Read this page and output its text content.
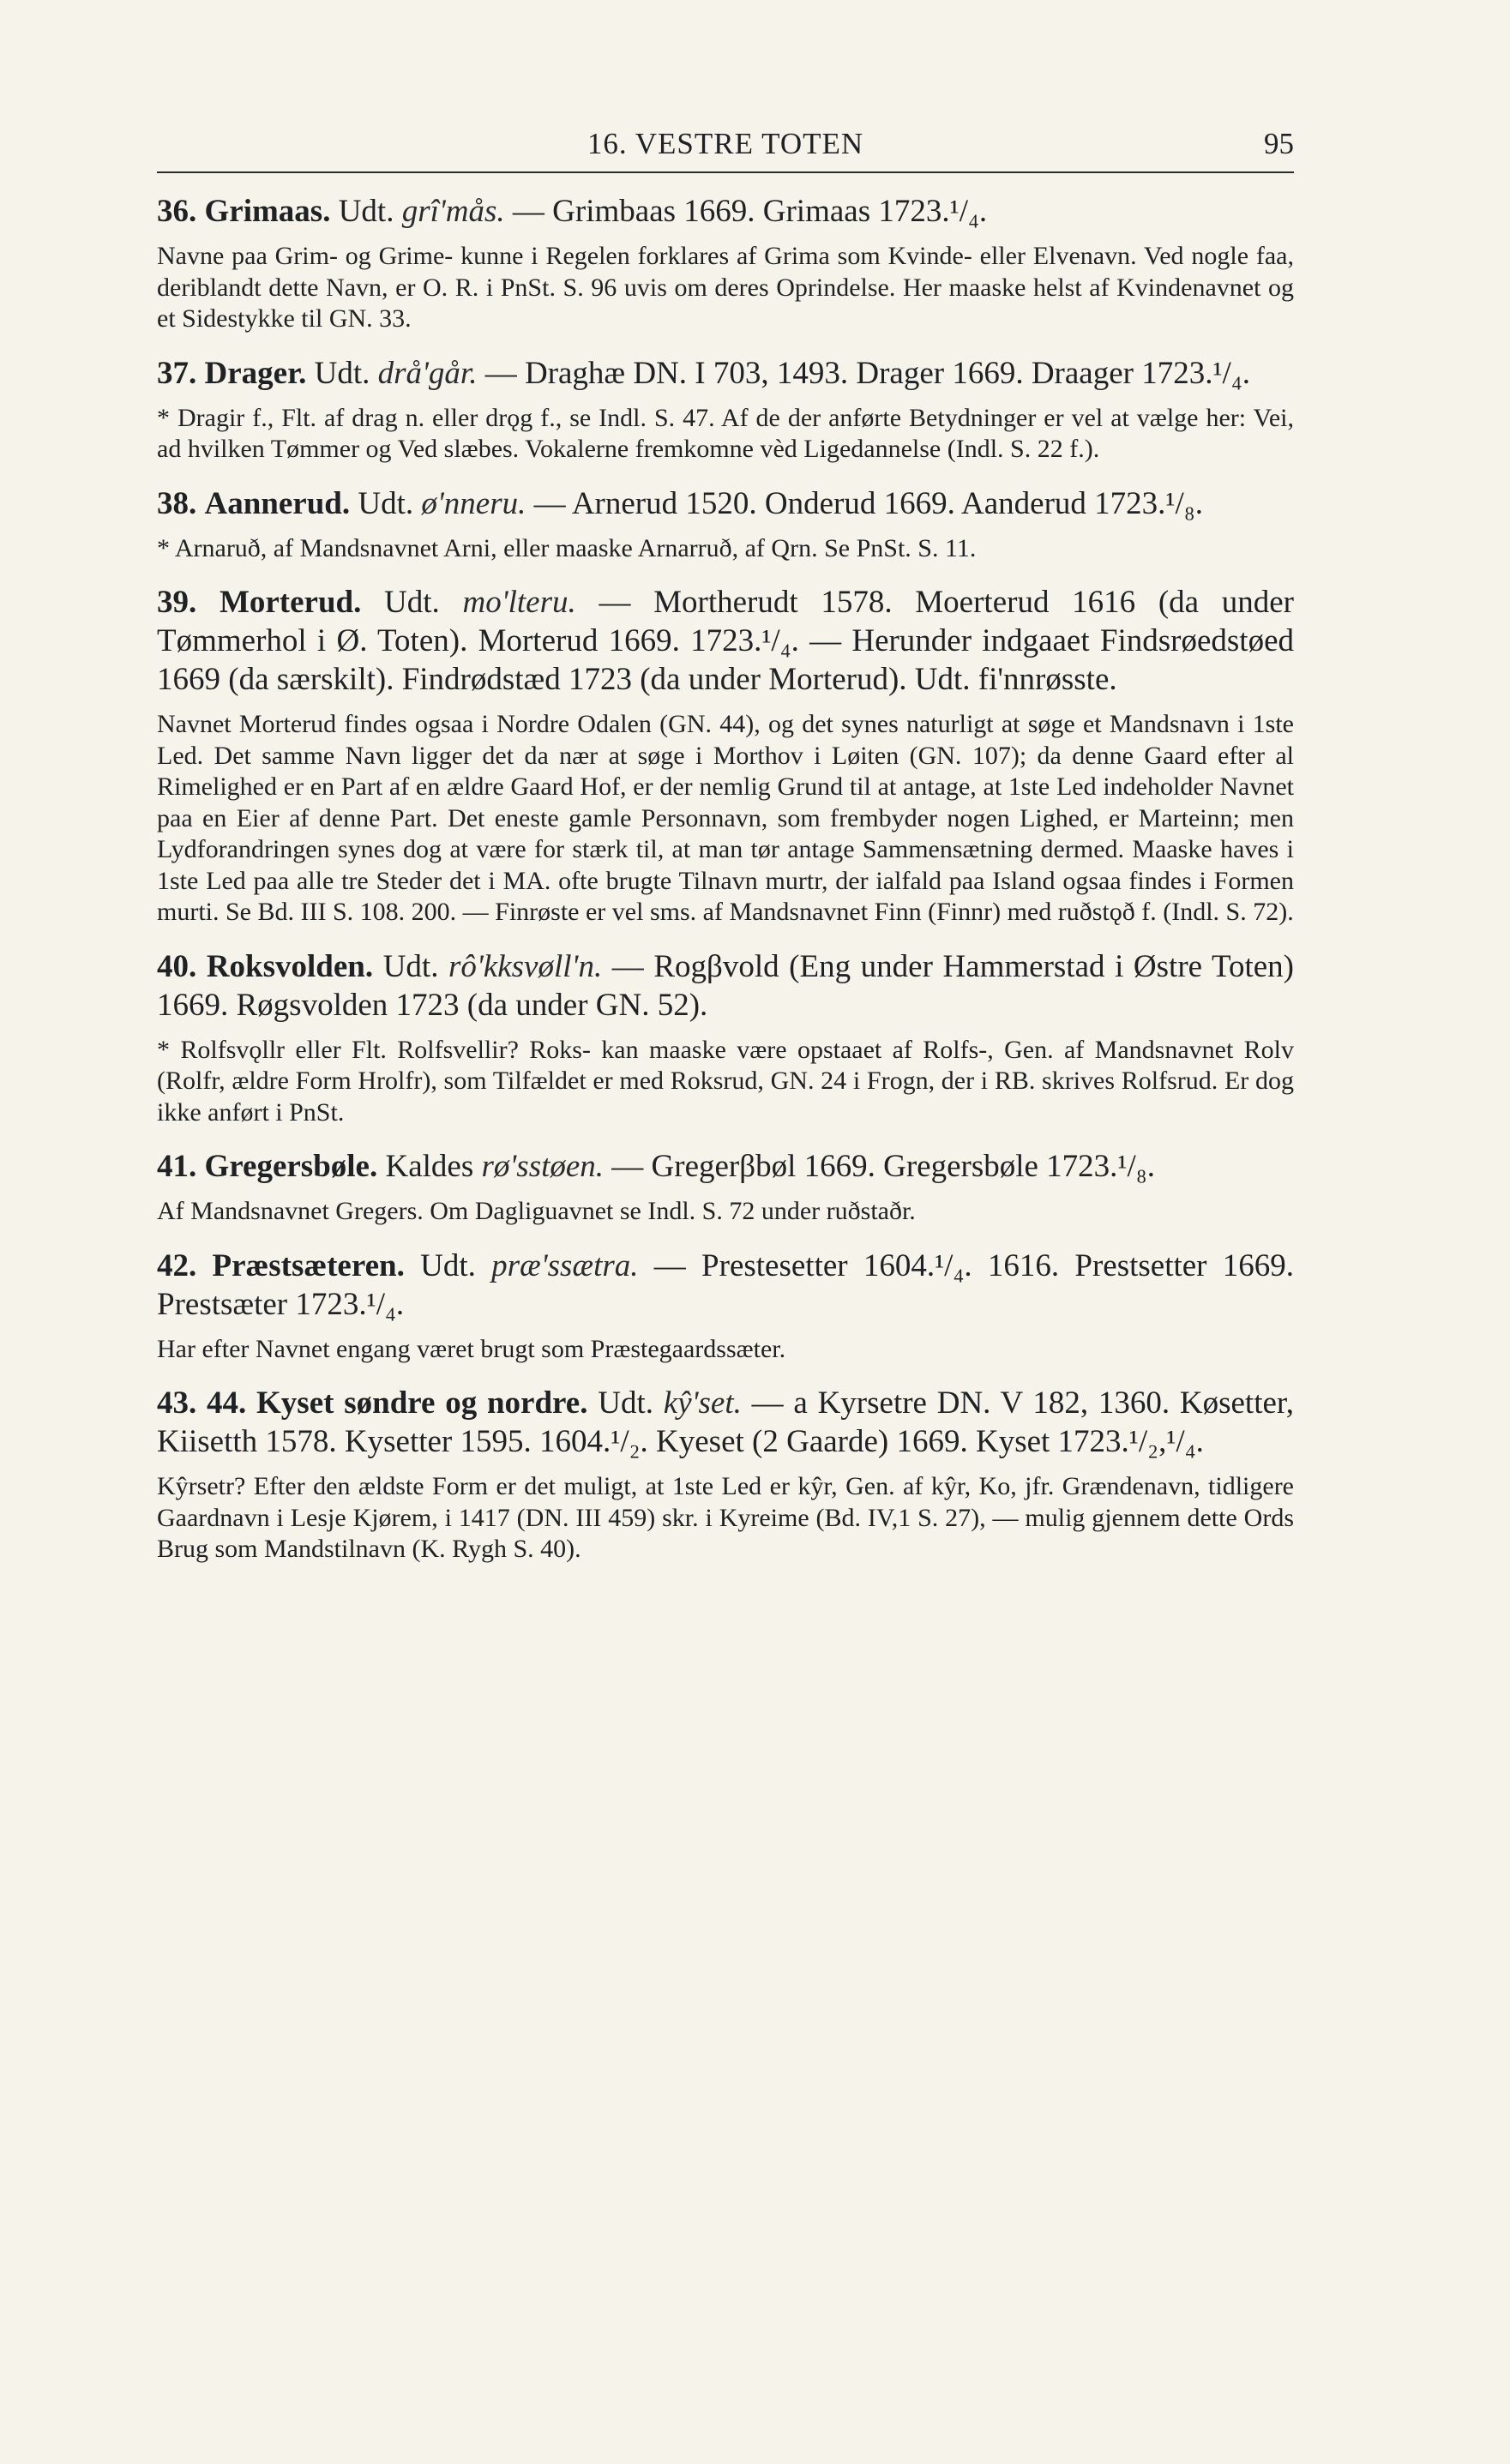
16. VESTRE TOTEN	95
36. Grimaas. Udt. grî'mås. — Grimbaas 1669. Grimaas 1723.¹/₄.
Navne paa Grim- og Grime- kunne i Regelen forklares af Grima som Kvinde- eller Elvenavn. Ved nogle faa, deriblandt dette Navn, er O. R. i PnSt. S. 96 uvis om deres Oprindelse. Her maaske helst af Kvindenavnet og et Sidestykke til GN. 33.
37. Drager. Udt. drå'går. — Draghæ DN. I 703, 1493. Drager 1669. Draager 1723.¹/₄.
* Dragir f., Flt. af drag n. eller drǫg f., se Indl. S. 47. Af de der anførte Betydninger er vel at vælge her: Vei, ad hvilken Tømmer og Ved slæbes. Vokalerne fremkomne vèd Ligedannelse (Indl. S. 22 f.).
38. Aannerud. Udt. ø'nneru. — Arnerud 1520. Onderud 1669. Aanderud 1723.¹/₈.
* Arnaruð, af Mandsnavnet Arni, eller maaske Arnarruð, af Qrn. Se PnSt. S. 11.
39. Morterud. Udt. mo'lteru. — Mortherudt 1578. Moerterud 1616 (da under Tømmerhol i Ø. Toten). Morterud 1669. 1723.¹/₄. — Herunder indgaaet Findsrøedstøed 1669 (da særskilt). Findrødstæd 1723 (da under Morterud). Udt. fi'nnrøsste.
Navnet Morterud findes ogsaa i Nordre Odalen (GN. 44), og det synes naturligt at søge et Mandsnavn i 1ste Led. Det samme Navn ligger det da nær at søge i Morthov i Løiten (GN. 107); da denne Gaard efter al Rimelighed er en Part af en ældre Gaard Hof, er der nemlig Grund til at antage, at 1ste Led indeholder Navnet paa en Eier af denne Part. Det eneste gamle Personnavn, som frembyder nogen Lighed, er Marteinn; men Lydforandringen synes dog at være for stærk til, at man tør antage Sammensætning dermed. Maaske haves i 1ste Led paa alle tre Steder det i MA. ofte brugte Tilnavn murtr, der ialfald paa Island ogsaa findes i Formen murti. Se Bd. III S. 108. 200. — Finrøste er vel sms. af Mandsnavnet Finn (Finnr) med ruðstǫð f. (Indl. S. 72).
40. Roksvolden. Udt. rô'kksvøll'n. — Rogβvold (Eng under Hammerstad i Østre Toten) 1669. Røgsvolden 1723 (da under GN. 52).
* Rolfsvǫllr eller Flt. Rolfsvellir? Roks- kan maaske være opstaaet af Rolfs-, Gen. af Mandsnavnet Rolv (Rolfr, ældre Form Hrolfr), som Tilfældet er med Roksrud, GN. 24 i Frogn, der i RB. skrives Rolfsrud. Er dog ikke anført i PnSt.
41. Gregersbøle. Kaldes rø'sstøen. — Gregerβbøl 1669. Gregersbøle 1723.¹/₈.
Af Mandsnavnet Gregers. Om Dagliguavnet se Indl. S. 72 under ruðstaðr.
42. Præstsæteren. Udt. præ'ssætra. — Prestesetter 1604.¹/₄. 1616. Prestsetter 1669. Prestsæter 1723.¹/₄.
Har efter Navnet engang været brugt som Præstegaardssæter.
43. 44. Kyset søndre og nordre. Udt. kŷ'set. — a Kyrsetre DN. V 182, 1360. Køsetter, Kiisetth 1578. Kysetter 1595. 1604.¹/₂. Kyeset (2 Gaarde) 1669. Kyset 1723.¹/₂,¹/₄.
Kŷrsetr? Efter den ældste Form er det muligt, at 1ste Led er kŷr, Gen. af kŷr, Ko, jfr. Grændenavn, tidligere Gaardnavn i Lesje Kjørem, i 1417 (DN. III 459) skr. i Kyreime (Bd. IV,1 S. 27), — mulig gjennem dette Ords Brug som Mandstilnavn (K. Rygh S. 40).
